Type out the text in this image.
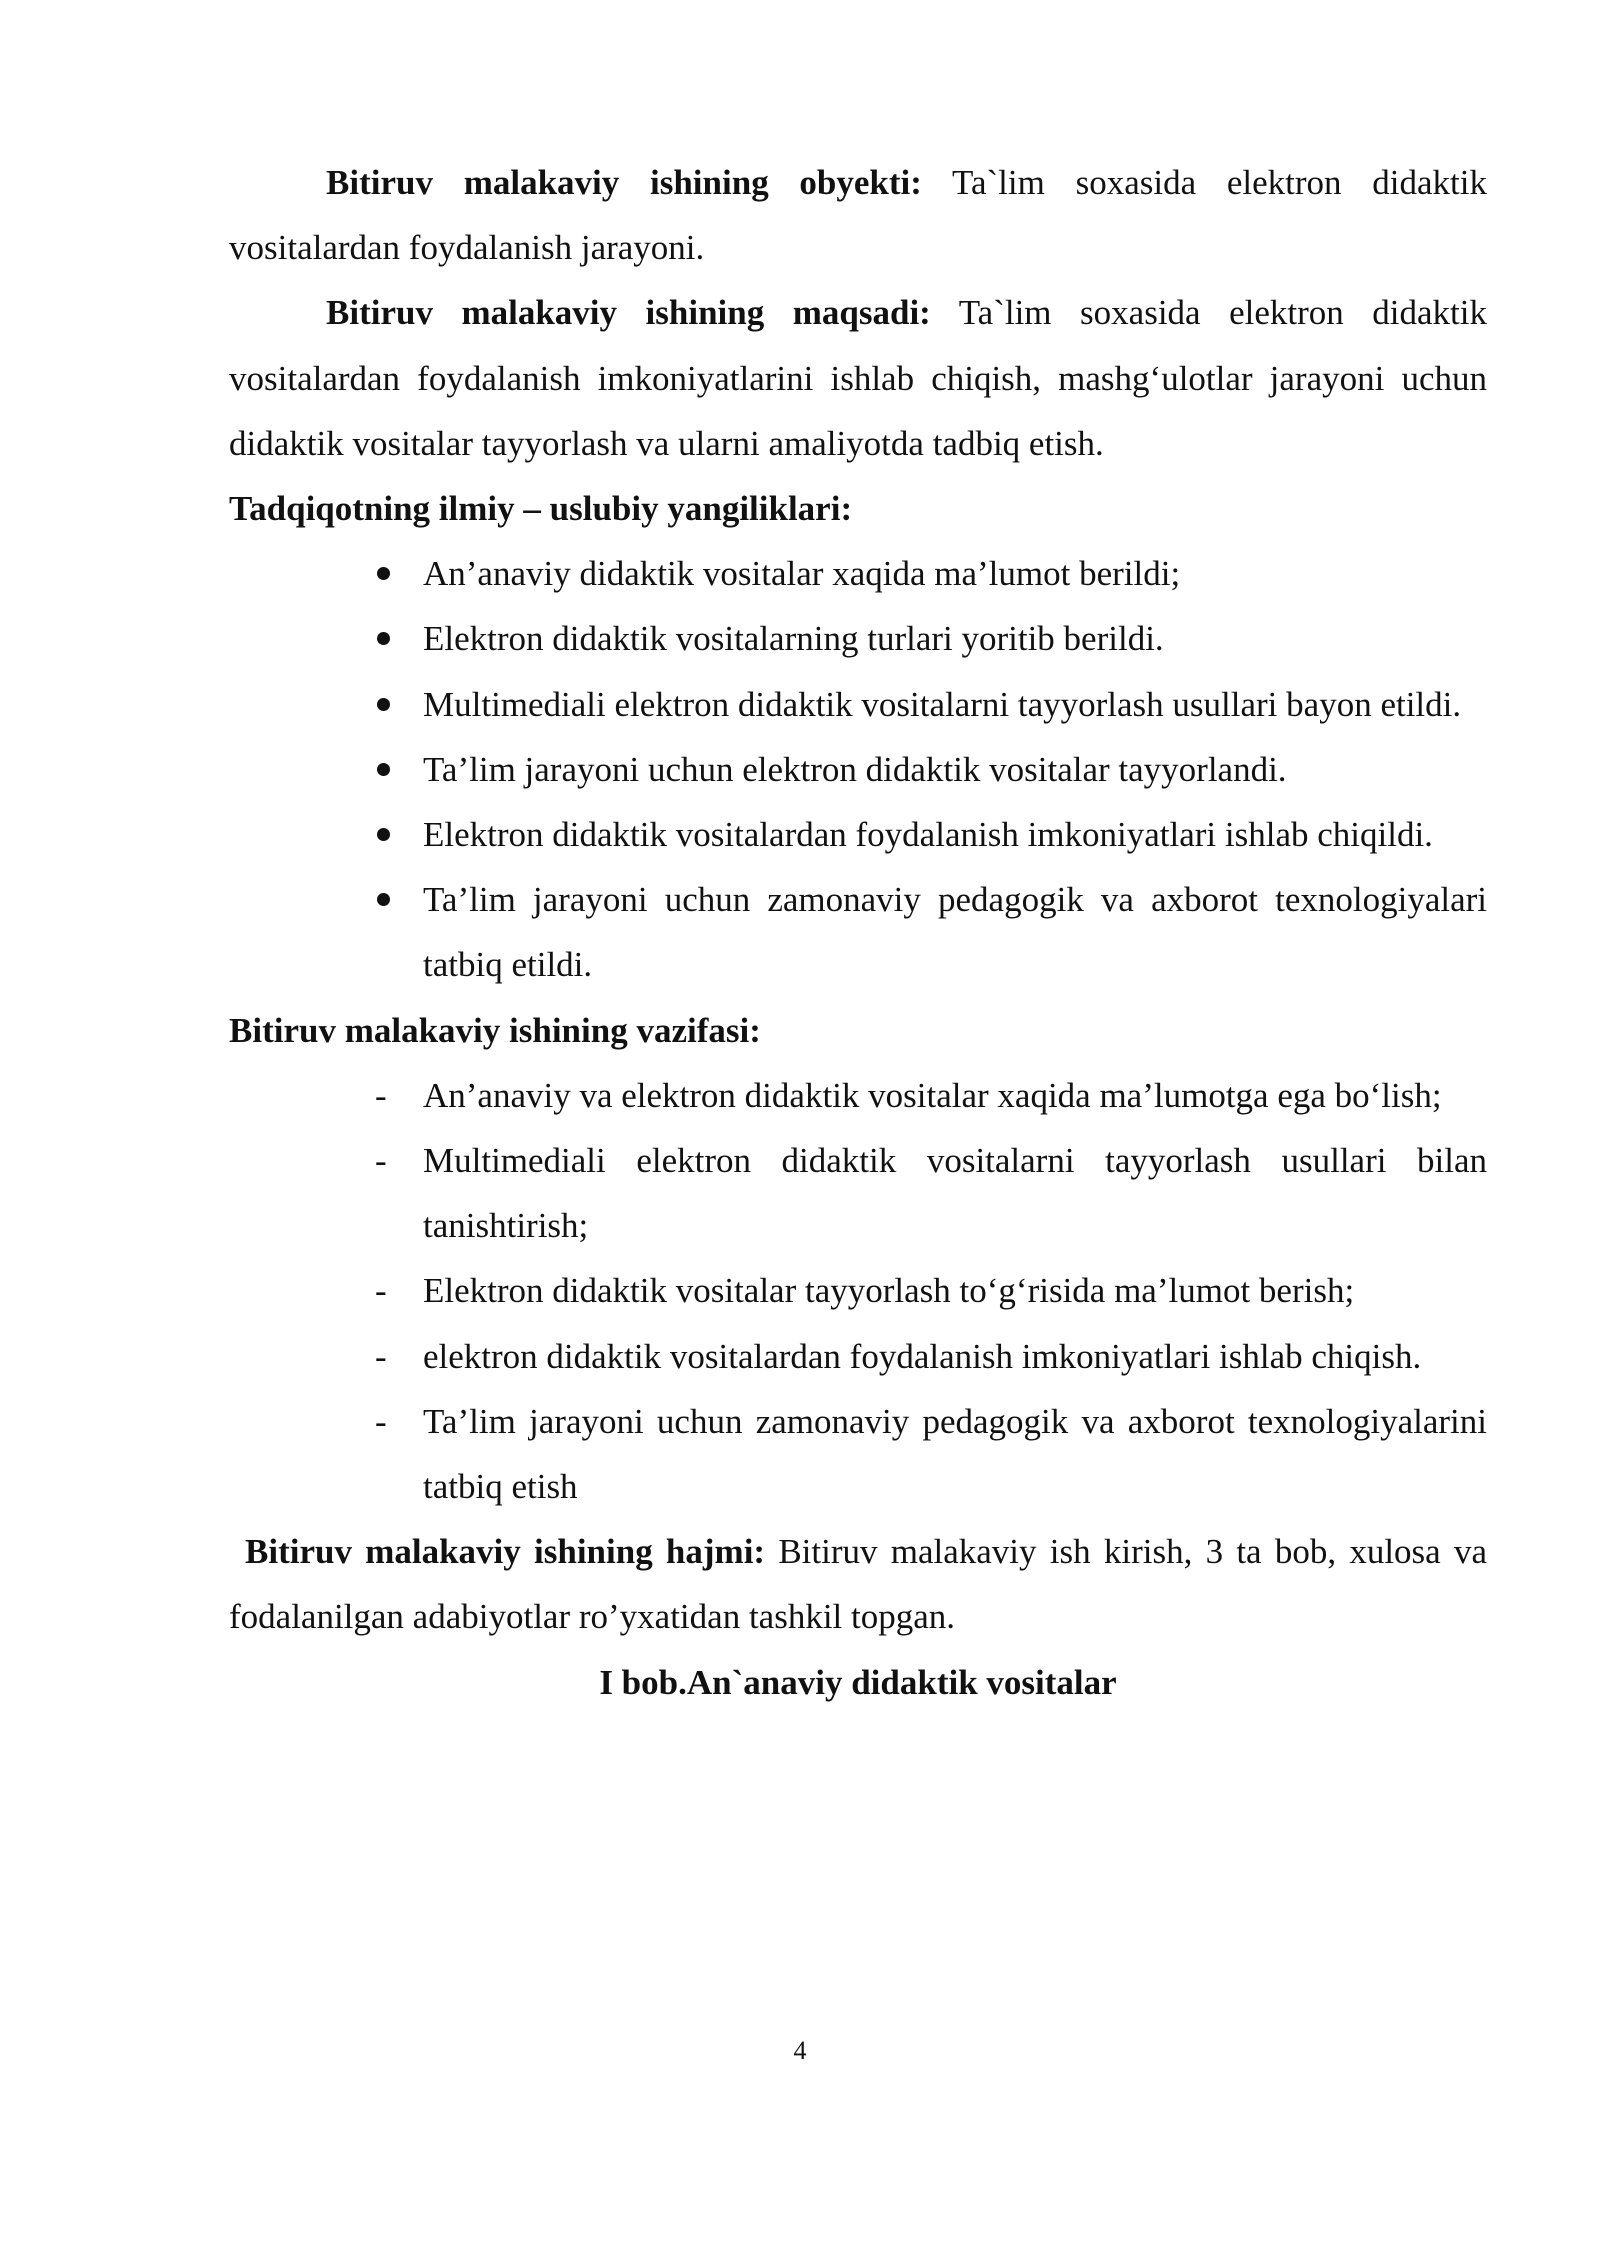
Bitiruv malakaviy ishining obyekti: Ta`lim soxasida elektron didaktik vositalardan foydalanish jarayoni.

Bitiruv malakaviy ishining maqsadi: Ta`lim soxasida elektron didaktik vositalardan foydalanish imkoniyatlarini ishlab chiqish, mashg‘ulotlar jarayoni uchun didaktik vositalar tayyorlash va ularni amaliyotda tadbiq etish.

Tadqiqotning ilmiy – uslubiy yangiliklari:

An’anaviy didaktik vositalar xaqida ma’lumot berildi;
Elektron didaktik vositalarning turlari yoritib berildi.
Multimediali elektron didaktik vositalarni tayyorlash usullari bayon etildi.
Ta’lim jarayoni uchun elektron didaktik vositalar tayyorlandi.
Elektron didaktik vositalardan foydalanish imkoniyatlari ishlab chiqildi.
Ta’lim jarayoni uchun zamonaviy pedagogik va axborot texnologiyalari tatbiq etildi.

Bitiruv malakaviy ishining vazifasi:

-	An’anaviy va elektron didaktik vositalar xaqida ma’lumotga ega bo‘lish;
-	Multimediali elektron didaktik vositalarni tayyorlash usullari bilan tanishtirish;
-	Elektron didaktik vositalar tayyorlash to‘g‘risida ma’lumot berish;
-	elektron didaktik vositalardan foydalanish imkoniyatlari ishlab chiqish.
-	Ta’lim jarayoni uchun zamonaviy pedagogik va axborot texnologiyalarini tatbiq etish

Bitiruv malakaviy ishining hajmi: Bitiruv malakaviy ish kirish, 3 ta bob, xulosa va fodalanilgan adabiyotlar ro’yxatidan tashkil topgan.

I bob.An`anaviy didaktik vositalar

4
